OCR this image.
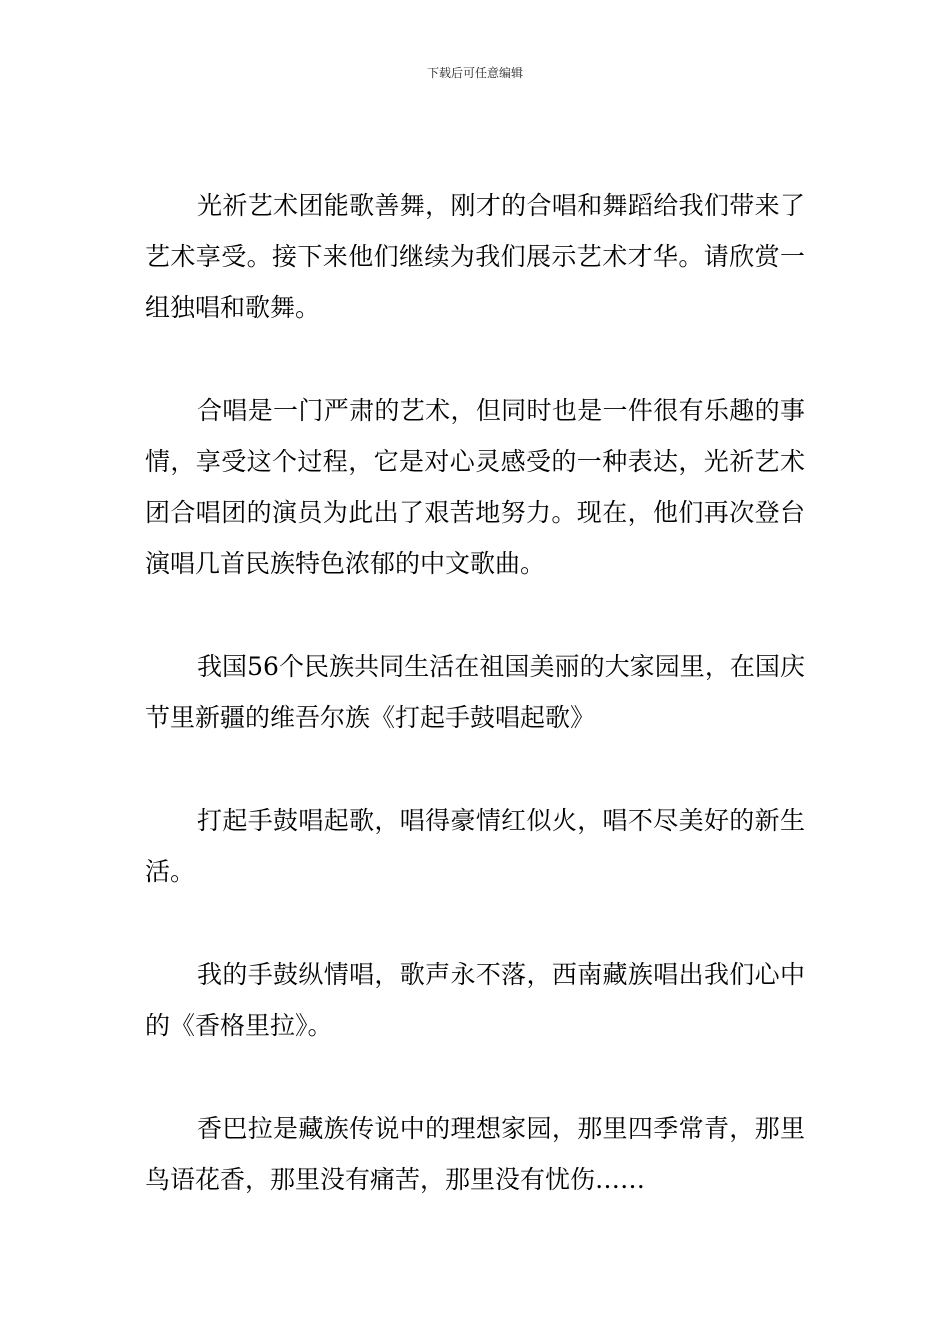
下载后可任意编辑

光祈艺术团能歌善舞，刚才的合唱和舞蹈给我们带来了艺术享受。接下来他们继续为我们展示艺术才华。请欣赏一组独唱和歌舞。

合唱是一门严肃的艺术，但同时也是一件很有乐趣的事情，享受这个过程，它是对心灵感受的一种表达，光祈艺术团合唱团的演员为此出了艰苦地努力。现在，他们再次登台演唱几首民族特色浓郁的中文歌曲。

我国56个民族共同生活在祖国美丽的大家园里，在国庆节里新疆的维吾尔族《打起手鼓唱起歌》

打起手鼓唱起歌，唱得豪情红似火，唱不尽美好的新生活。

我的手鼓纵情唱，歌声永不落，西南藏族唱出我们心中的《香格里拉》。

香巴拉是藏族传说中的理想家园，那里四季常青，那里鸟语花香，那里没有痛苦，那里没有忧伤……
